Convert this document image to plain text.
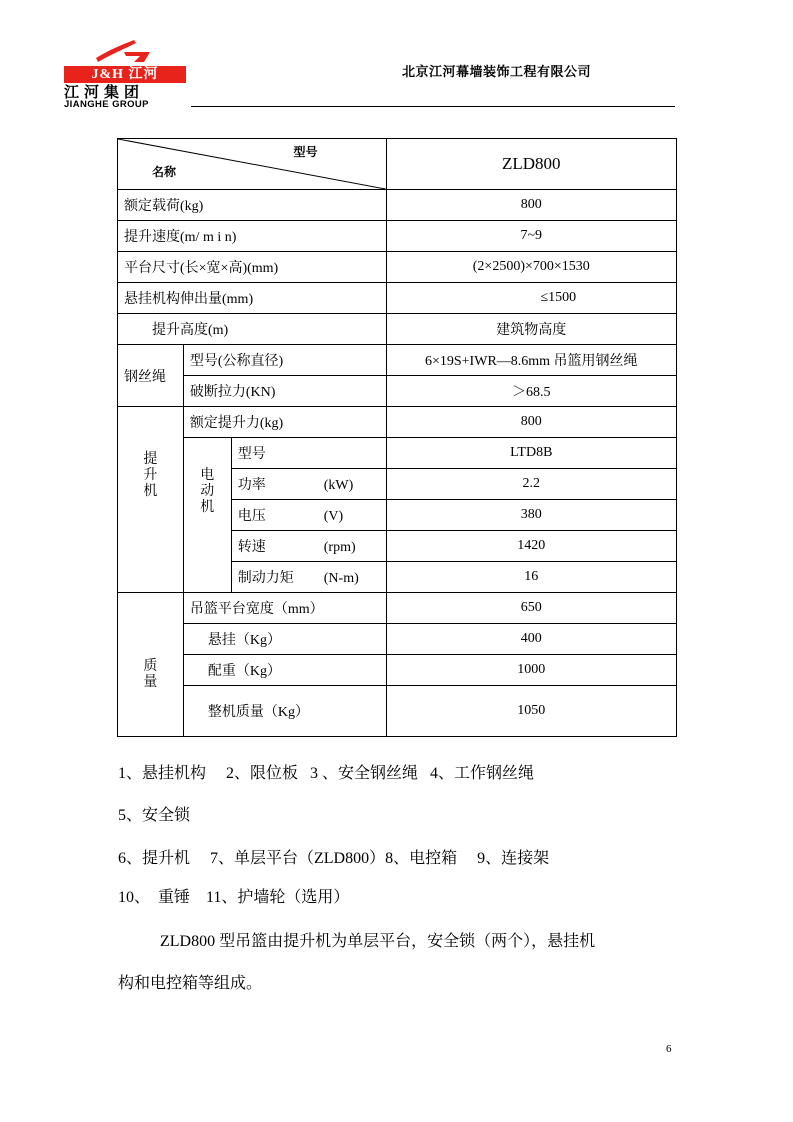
J&H 江河
江河集团
JIANGHE GROUP
北京江河幕墙装饰工程有限公司
型号
名称			ZLD800
额定载荷(kg)			800
提升速度(m/ m i n)			7~9
平台尺寸(长×宽×高)(mm)			(2×2500)×700×1530
悬挂机构伸出量(mm)			≤1500
提升高度(m)			建筑物高度
钢丝绳	型号(公称直径)		6×19S+IWR—8.6mm 吊篮用钢丝绳
	破断拉力(KN)		＞68.5
提升机	额定提升力(kg)		800
	电动机	型号	LTD8B
		功率 (kW)	2.2
		电压 (V)	380
		转速 (rpm)	1420
		制动力矩 (N-m)	16
质量	吊篮平台宽度（mm）		650
	悬挂（Kg）		400
	配重（Kg）		1000
	整机质量（Kg）		1050
1、悬挂机构     2、限位板   3 、安全钢丝绳   4、工作钢丝绳
5、安全锁
6、提升机     7、单层平台（ZLD800）8、电控箱     9、连接架
10、  重锤    11、护墙轮（选用）
ZLD800 型吊篮由提升机为单层平台，安全锁（两个），悬挂机
构和电控箱等组成。
6
